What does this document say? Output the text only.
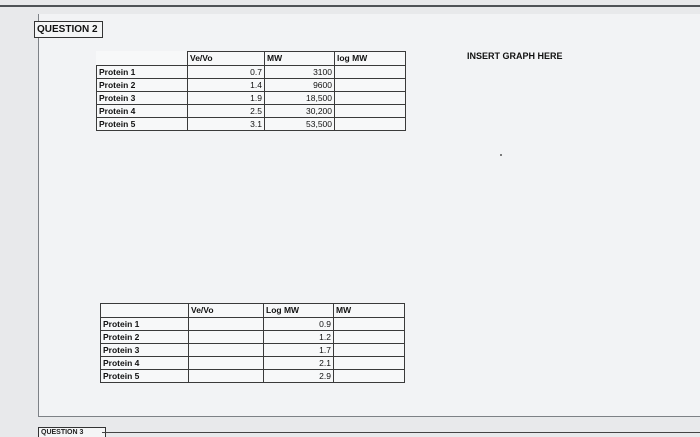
QUESTION 2
INSERT GRAPH HERE
	Ve/Vo	MW	log MW
Protein 1	0.7	3100	
Protein 2	1.4	9600	
Protein 3	1.9	18,500	
Protein 4	2.5	30,200	
Protein 5	3.1	53,500	
	Ve/Vo	Log MW	MW
Protein 1		0.9	
Protein 2		1.2	
Protein 3		1.7	
Protein 4		2.1	
Protein 5		2.9	
QUESTION 3
